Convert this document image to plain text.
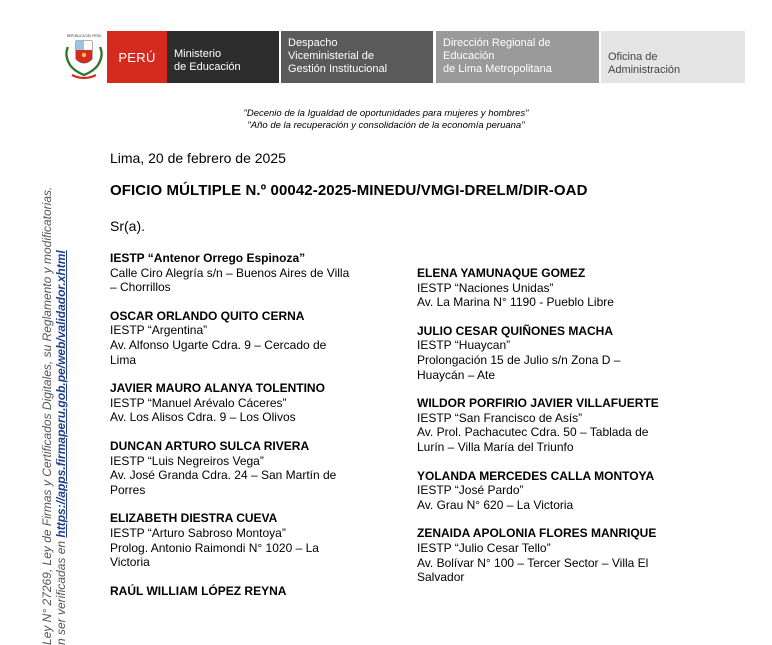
REPÚBLICA DEL PERÚ
PERÚ Ministerio
de Educación
Despacho
Viceministerial de
Gestión Institucional
Dirección Regional de
Educación
de Lima Metropolitana
Oficina de
Administración
Ley N° 27269, Ley de Firmas y Certificados Digitales, su Reglamento y modificatorias. n ser verificadas en https://apps.firmaperu.gob.pe/web/validador.xhtml
"Decenio de la Igualdad de oportunidades para mujeres y hombres"
"Año de la recuperación y consolidación de la economía peruana"
Lima, 20 de febrero de 2025
OFICIO MÚLTIPLE N.º 00042-2025-MINEDU/VMGI-DRELM/DIR-OAD
Sr(a).
IESTP “Antenor Orrego Espinoza”
Calle Ciro Alegría s/n – Buenos Aires de Villa
– Chorrillos
OSCAR ORLANDO QUITO CERNA
IESTP “Argentina”
Av. Alfonso Ugarte Cdra. 9 – Cercado de
Lima
JAVIER MAURO ALANYA TOLENTINO
IESTP “Manuel Arévalo Cáceres”
Av. Los Alisos Cdra. 9 – Los Olivos
DUNCAN ARTURO SULCA RIVERA
IESTP “Luis Negreiros Vega”
Av. José Granda Cdra. 24 – San Martín de
Porres
ELIZABETH DIESTRA CUEVA
IESTP “Arturo Sabroso Montoya”
Prolog. Antonio Raimondi N° 1020 – La
Victoria
RAÚL WILLIAM LÓPEZ REYNA
ELENA YAMUNAQUE GOMEZ
IESTP “Naciones Unidas”
Av. La Marina N° 1190 - Pueblo Libre
JULIO CESAR QUIÑONES MACHA
IESTP “Huaycan”
Prolongación 15 de Julio s/n Zona D –
Huaycán – Ate
WILDOR PORFIRIO JAVIER VILLAFUERTE
IESTP “San Francisco de Asís”
Av. Prol. Pachacutec Cdra. 50 – Tablada de
Lurín – Villa María del Triunfo
YOLANDA MERCEDES CALLA MONTOYA
IESTP “José Pardo”
Av. Grau N° 620 – La Victoria
ZENAIDA APOLONIA FLORES MANRIQUE
IESTP “Julio Cesar Tello”
Av. Bolívar N° 100 – Tercer Sector – Villa El
Salvador
